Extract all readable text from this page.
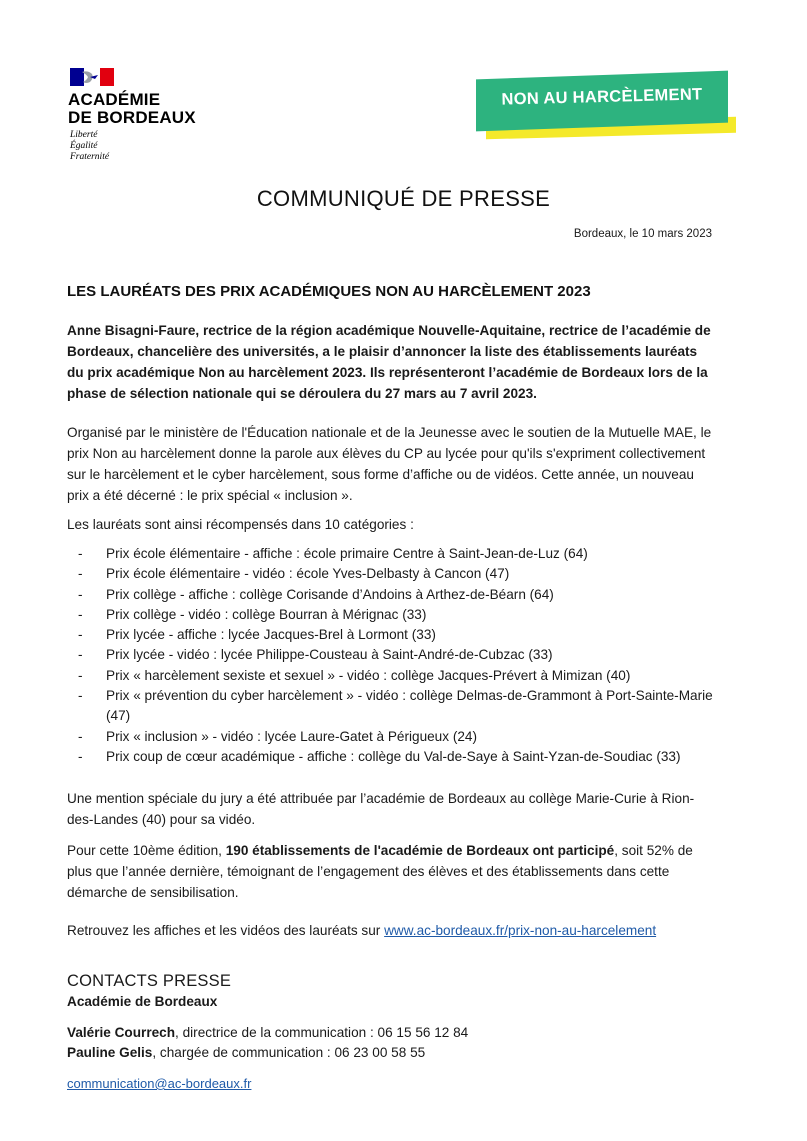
ACADÉMIE
DE BORDEAUX
Liberté
Égalité
Fraternité
NON AU HARCÈLEMENT
COMMUNIQUÉ DE PRESSE
Bordeaux, le 10 mars 2023
LES LAURÉATS DES PRIX ACADÉMIQUES NON AU HARCÈLEMENT 2023

Anne Bisagni-Faure, rectrice de la région académique Nouvelle-Aquitaine, rectrice de l’académie de Bordeaux, chancelière des universités, a le plaisir d’annoncer la liste des établissements lauréats du prix académique Non au harcèlement 2023. Ils représenteront l’académie de Bordeaux lors de la phase de sélection nationale qui se déroulera du 27 mars au 7 avril 2023.

Organisé par le ministère de l'Éducation nationale et de la Jeunesse avec le soutien de la Mutuelle MAE, le prix Non au harcèlement donne la parole aux élèves du CP au lycée pour qu'ils s'expriment collectivement sur le harcèlement et le cyber harcèlement, sous forme d’affiche ou de vidéos. Cette année, un nouveau prix a été décerné : le prix spécial « inclusion ».

Les lauréats sont ainsi récompensés dans 10 catégories :

- Prix école élémentaire - affiche : école primaire Centre à Saint-Jean-de-Luz (64)
- Prix école élémentaire - vidéo : école Yves-Delbasty à Cancon (47)
- Prix collège - affiche : collège Corisande d’Andoins à Arthez-de-Béarn (64)
- Prix collège - vidéo : collège Bourran à Mérignac (33)
- Prix lycée - affiche : lycée Jacques-Brel à Lormont (33)
- Prix lycée - vidéo : lycée Philippe-Cousteau à Saint-André-de-Cubzac (33)
- Prix « harcèlement sexiste et sexuel » - vidéo : collège Jacques-Prévert à Mimizan (40)
- Prix « prévention du cyber harcèlement » - vidéo : collège Delmas-de-Grammont à Port-Sainte-Marie (47)
- Prix « inclusion » - vidéo : lycée Laure-Gatet à Périgueux (24)
- Prix coup de cœur académique - affiche : collège du Val-de-Saye à Saint-Yzan-de-Soudiac (33)

Une mention spéciale du jury a été attribuée par l’académie de Bordeaux au collège Marie-Curie à Rion-des-Landes (40) pour sa vidéo.

Pour cette 10ème édition, 190 établissements de l'académie de Bordeaux ont participé, soit 52% de plus que l’année dernière, témoignant de l’engagement des élèves et des établissements dans cette démarche de sensibilisation.

Retrouvez les affiches et les vidéos des lauréats sur www.ac-bordeaux.fr/prix-non-au-harcelement

CONTACTS PRESSE
Académie de Bordeaux
Valérie Courrech, directrice de la communication : 06 15 56 12 84
Pauline Gelis, chargée de communication : 06 23 00 58 55
communication@ac-bordeaux.fr
